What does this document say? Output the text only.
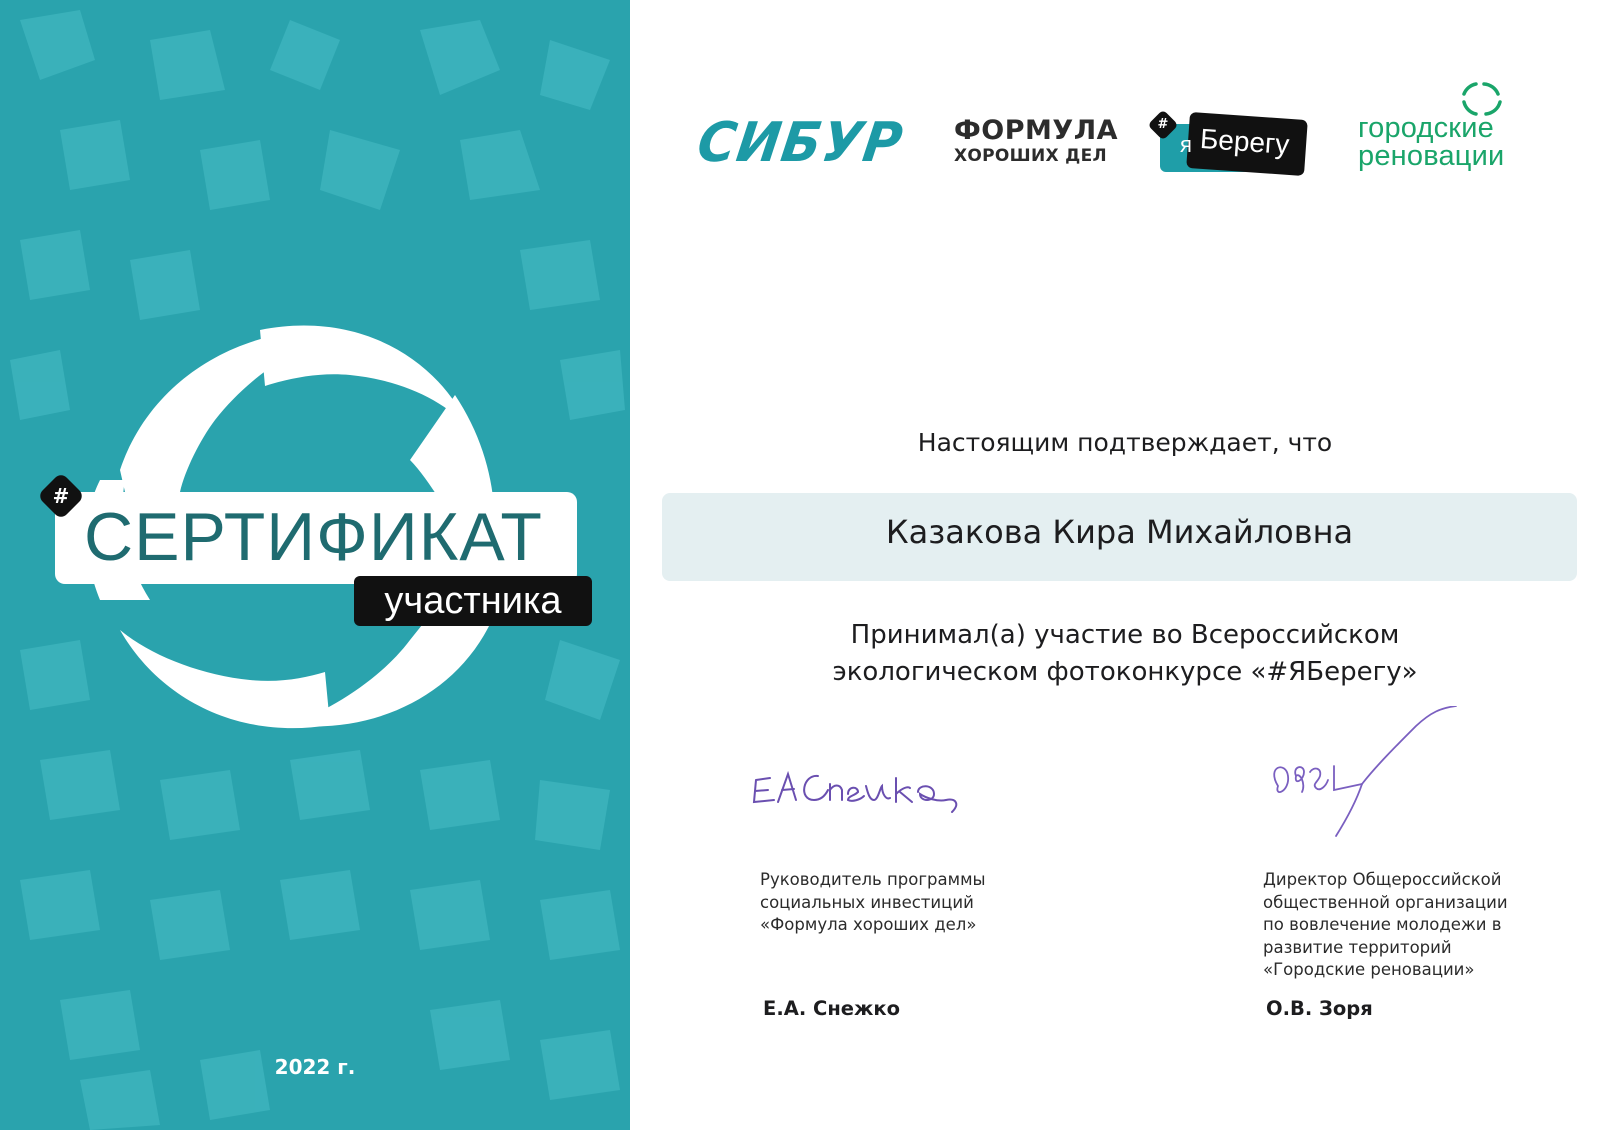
#
СЕРТИФИКАТ
участника
2022 г.
СИБУР	ФОРМУЛА
ХОРОШИХ ДЕЛ	я Берегу
#	городские
реновации
Настоящим подтверждает, что
Казакова Кира Михайловна
Принимал(а) участие во Всероссийском
экологическом фотоконкурсе «#ЯБерегу»
Руководитель программы
социальных инвестиций
«Формула хороших дел»
Директор Общероссийской
общественной организации
по вовлечение молодежи в
развитие территорий
«Городские реновации»
Е.А. Снежко	О.В. Зоря
